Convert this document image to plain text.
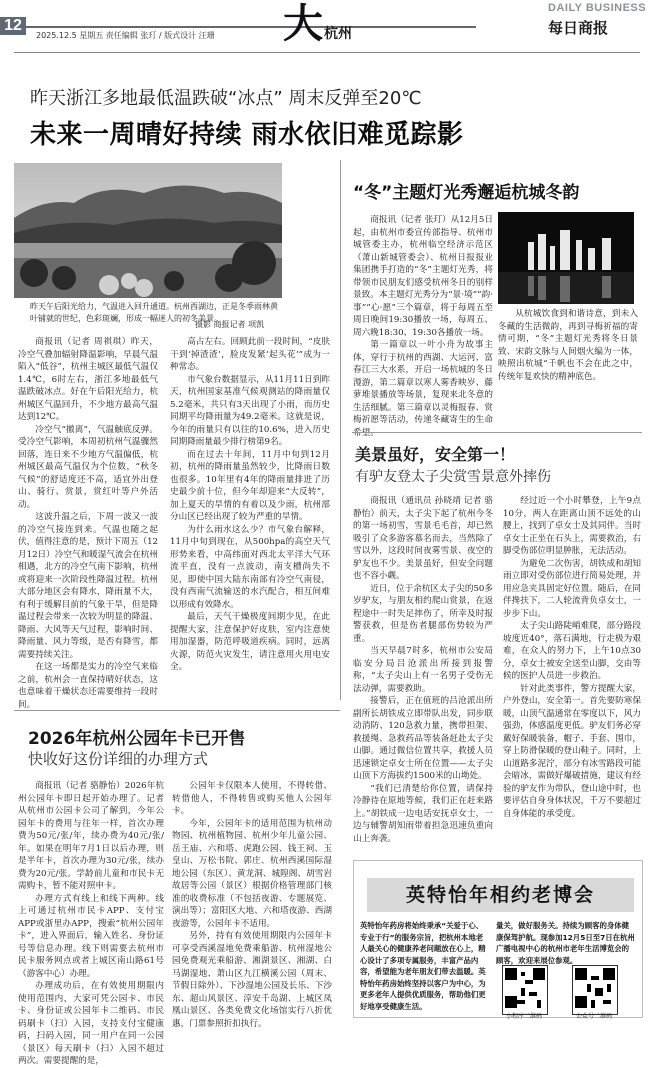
12
2025.12.5 星期五 责任编辑 张玎 / 版式设计 汪珊 大 杭州
DAILY BUSINESS
每日商报
昨天浙江多地最低温跌破“冰点” 周末反弹至20℃
未来一周晴好持续 雨水依旧难觅踪影
昨天午后阳光给力，气温进入回升通道。杭州西湖边，正是冬季雨林黄叶铺就的世纪，色彩斑斓，形成一幅迷人的初冬美景。
摄影 商报记者 项凯

商报讯（记者 周祺琪）昨天，冷空气叠加辐射降温影响，早晨气温陷入“低谷”，杭州主城区最低气温仅1.4℃，6时左右，浙江多地最低气温跌破冰点。好在午后阳光给力，杭州城区气温回升，不少地方最高气温达到12℃。

冷空气“撤离”，气温触底反弹。受冷空气影响，本周初杭州气温骤然回落，连日来不少地方气温偏低，杭州城区最高气温仅为个位数，“秋冬气候”的舒适度还不高，适宜外出登山、骑行、赏景，赏红叶等户外活动。

这波升温之后，下周一波又一波的冷空气接连到来。气温也随之起伏，值得注意的是，预计下周五（12月12日）冷空气和暖湿气流会在杭州相遇，北方的冷空气南下影响，杭州或将迎来一次阶段性降温过程。杭州大部分地区会有降水，降雨量不大，有利于缓解目前的气象干旱，但是降温过程会带来一次较为明显的降温、降雨、大风等天气过程，影响时间、降雨量、风力等级，是否有降雪，都需要持续关注。

在这一场都是实力的冷空气来临之前，杭州会一直保持晴好状态，这也意味着干燥状态还需要维持一段时间。

高占左右。回顾此前一段时间，“皮肤干到‘掉渣渣’，脸皮发紧‘起头花’”成为一种常态。

市气象台数据显示，从11月11日到昨天，杭州国家基准气候观测站的降雨量仅5.2毫米，共只有3天出现了小雨，而历史同期平均降雨量为49.2毫米。这就是说，今年的雨量只有以往的10.6%，进入历史同期降雨量最少排行榜第9名。

而在过去十年间，11月中旬到12月初，杭州的降雨量虽然较少，比降雨日数也很多。10年里有4年的降雨量排进了历史最少前十位，但今年却迎来“大反转”，加上夏天的旱情的有着以及少雨，杭州部分山区已经出现了较为严重的旱情。

为什么雨水这么少？市气象台解释，11月中旬到现在，从500hpa的高空天气形势来看，中高纬面对西北太平洋大气环流平直，没有一点波动，南支槽尚失不见，即使中国大陆东南部有冷空气南侵，没有西南气流输送的水汽配合，相互间难以形成有效降水。

最后，天气干燥极度间期少见，在此提醒大家，注意保护好皮肤，室内注意使用加湿器，防范呼吸道疾病。同时，远离火源，防范火灾发生，请注意用火用电安全。

“冬”主题灯光秀邂逅杭城冬韵

商报讯（记者 张玎）从12月5日起，由杭州市委宣传部指导、杭州市城管委主办，杭州临空经济示范区（萧山新城管委会）、杭州日报报业集团携手打造的“冬”主题灯光秀，将带领市民朋友们感受杭州冬日的别样景致。本主题灯光秀分为“景·境”“韵·事”“心·愿”三个篇章，将于每周五至周日晚间19:30播放一场，每周五、周六晚18:30、19:30各播放一场。

第一篇章以一叶小舟为故事主体，穿行于杭州的西湖、大运河、富春江三大水系，开启一场杭城的冬日漫游，第二篇章以寒人雾香映岁、藤萝堆景播放等场景，复现来北冬意的生活细腻。第三篇章以灵梅报春、赏梅祈愿等活动，传递冬藏寄生的生命

从杭城饮食到和谐诗意，到未入冬藏的生活微韵，再到寻梅祈福的寄情可期，“冬”主题灯光秀将冬日景致、宋韵文脉与人间烟火编为一体，映照出杭城“千帆也不会在此之中，传统年复欢快的精神底色。

美景虽好，安全第一！
有驴友登太子尖赏雪景意外摔伤

商报讯（通讯员 孙晓靖 记者 骆静怡）前天，太子尖下起了杭州今冬的第一场初雪，雪景毛毛首，却已然吸引了众多游客慕名而去，当然除了雪以外，这段时间夜雾雪景、夜空的驴友也不少。美景虽好，但安全问题也不容小觑。

近日，位于余杭区太子尖的50多岁驴友，与朋友相约爬山赏景，在返程途中一时失足摔伤了，所幸及时报警获救，但是伤者腿部伤势较为严重。

当天早晨7时多，杭州市公安局临安分局吕沧派出所接到报警称，“太子尖山上有一名男子受伤无法动弹，需要救助。

接警后，正在值班的吕沧派出所副所长胡铁成立即带队出发，同步联动消防、120急救力量，携带担架、救援绳、急救药品等装备赶赴太子尖山脚。通过微信位置共享，救援人员迅速锁定卓女士所在位置——太子尖山顶下方海拔约1500米的山坳处。

“我们已清楚给你位置，请保持冷静待在原地等候，我们正在赶来路上。”胡铁成一边电话安抚卓女士，一边与辅警胡知雨带着担急迅速负重向山上奔袭。

经过近一个小时攀登，上午9点10分，两人在距离山顶不远处的山腰上，找到了卓女士及其同伴。当时卓女士正坐在石头上，需要救治，右脚受伤部位明显肿胀，无法活动。

为避免二次伤害，胡铁成和胡知雨立即对受伤部位进行简易处理，并用应急夹具固定好位置。随后，在同伴搀扶下，二人轮流背负卓女士，一步步下山。

太子尖山路陡峭难爬，部分路段坡度近40°，落石满地，行走极为艰难，在众人的努力下，上午10点30分，卓女士被安全送至山脚，交由等候的医护人员进一步救治。

针对此类事件，警方提醒大家，户外登山，安全第一。首先要防寒保暖，山顶气温通常在零度以下，风力强劲，体感温度更低。驴友们务必穿戴好保暖装备，帽子、手套、围巾，穿上防滑保暖的登山鞋子。同时，上山道路多泥泞，部分有冰雪路段可能会暗冰，需做好爆破措施，建议有经验的驴友作为带队，登山途中时，也要评估自身身体状况，千万不要超过自身体能的承受度。

2026年杭州公园年卡已开售
快收好这份详细的办理方式

商报讯（记者 骆静怡）2026年杭州公园年卡即日起开始办理了。记者从杭州市公园卡公司了解到，今年公园年卡的费用与往年一样，首次办理费为50元/张/年，续办费为40元/张/年。如果在明年7月1日以后办理，则是半年卡，首次办理为30元/张，续办费为20元/张。学龄前儿童和市民卡无需购卡，暂不能对照申卡。

办理方式有线上和线下两种。线上可通过杭州市民卡APP、支付宝APP或浙里办APP，搜索“杭州公园年卡”，进入界面后，输入姓名、身份证号等信息办理。线下则需要去杭州市民卡服务网点或者上城区南山路61号（游客中心）办理。

办理成功后，在有效使用期限内使用范围内，大家可凭公园卡、市民卡、身份证或公园年卡二维码、市民码刷卡（扫）入园，支持支付宝健康码，扫码入园，同一用户在同一公园（景区）每天刷卡（扫）入园不超过两次。需要提醒的是，

公园年卡仅限本人使用，不得转借、转借他人，不得转售或购买他人公园年卡。

今年，公园年卡的适用范围为杭州动物园、杭州植物园、杭州少年儿童公园、岳王庙、六和塔、虎跑公园、钱王祠、玉皇山、万松书院、郭庄、杭州西溪国际湿地公园（东区）、黄龙洞、城隍阁、胡雪岩故居等公园（景区）根据价格管理部门核准的收费标准（不包括夜游、专题展览、演出等）；富阳区大地、六和塔夜游、西湖夜游等，公园年卡不适用。

另外，持有有效使用期限内公园年卡可享受西溪湿地免费乘船游、杭州湿地公园免费观光乘船游、湘湖景区、湘湖、白马湖湿地、萧山区九江横溪公园（周末、节假日除外）、下沙湿地公园及长乐、下沙东、超山风景区、淳安千岛湖、上城区凤凰山景区、各类免费文化场馆实行八折优惠，门票参照折扣执行。

英特怡年相约老博会
英特怡年药房将始终秉承“关爱于心、专业于行”的服务宗旨，把杭州本地老人最关心的健康养老问题放在心上，精心设计了多项专属服务，丰富产品内容，希望能为老年朋友们带去温暖。英特怡年药房始终坚持以客户为中心，为更多老年人提供优质服务，帮助他们更好地享受健康生活。
量关，做好服务关。持续为顾客的身体健康保驾护航。现参加12月5日至7日在杭州广播电视中心的杭州市老年生活博览会的顾客，欢迎来展位参观。
小程序二维码	公众号二维码
